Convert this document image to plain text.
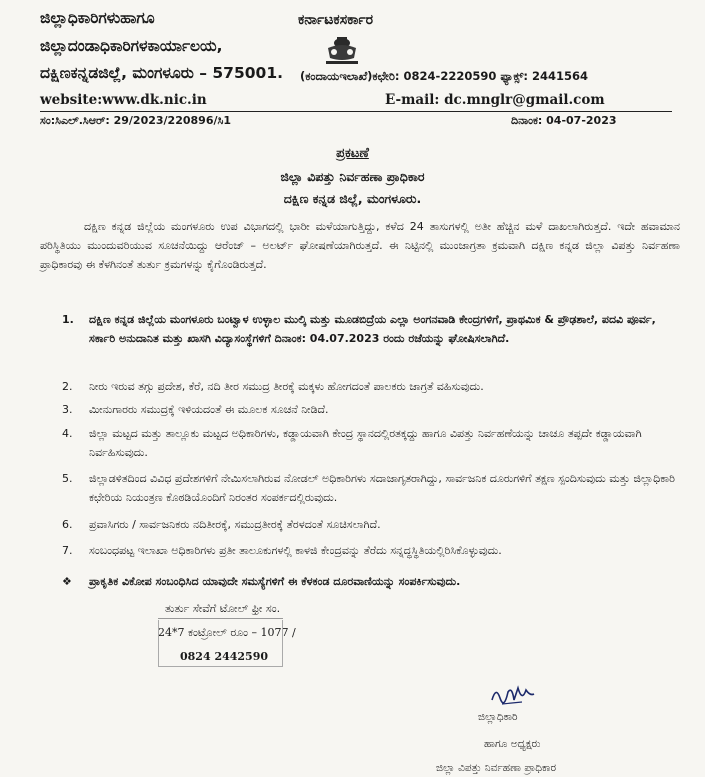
ಜಿಲ್ಲಾಧಿಕಾರಿಗಳುಹಾಗೂ
ಜಿಲ್ಲಾದಂಡಾಧಿಕಾರಿಗಳಕಾರ್ಯಾಲಯ,
ದಕ್ಷಿಣಕನ್ನಡಜಿಲ್ಲೆ, ಮಂಗಳೂರು – 575001.
website:www.dk.nic.in
ಕರ್ನಾಟಕಸರ್ಕಾರ
(ಕಂದಾಯಇಲಾಖೆ)ಕಛೇರಿ: 0824-2220590 ಫ್ಯಾಕ್ಸ್: 2441564
E-mail: dc.mnglr@gmail.com
ಸಂ:ಸಿಎಲ್.ಸಿಆರ್: 29/2023/220896/ಸಿ1	ದಿನಾಂಕ: 04-07-2023
ಪ್ರಕಟಣೆ
ಜಿಲ್ಲಾ ವಿಪತ್ತು ನಿರ್ವಹಣಾ ಪ್ರಾಧಿಕಾರ
ದಕ್ಷಿಣ ಕನ್ನಡ ಜಿಲ್ಲೆ, ಮಂಗಳೂರು.
ದಕ್ಷಿಣ ಕನ್ನಡ ಜಿಲ್ಲೆಯ ಮಂಗಳೂರು ಉಪ ವಿಭಾಗದಲ್ಲಿ ಭಾರೀ ಮಳೆಯಾಗುತ್ತಿದ್ದು, ಕಳೆದ 24 ತಾಸುಗಳಲ್ಲಿ ಅತೀ ಹೆಚ್ಚಿನ ಮಳೆ ದಾಖಲಾಗಿರುತ್ತದೆ. ಇದೇ ಹವಾಮಾನ ಪರಿಸ್ಥಿತಿಯು ಮುಂದುವರಿಯುವ ಸೂಚನೆಯಿದ್ದು ಆರೆಂಜ್ – ಅಲರ್ಟ್ ಘೋಷಣೆಯಾಗಿರುತ್ತದೆ. ಈ ನಿಟ್ಟಿನಲ್ಲಿ ಮುಂಜಾಗ್ರತಾ ಕ್ರಮವಾಗಿ ದಕ್ಷಿಣ ಕನ್ನಡ ಜಿಲ್ಲಾ ವಿಪತ್ತು ನಿರ್ವಹಣಾ ಪ್ರಾಧಿಕಾರವು ಈ ಕೆಳಗಿನಂತೆ ತುರ್ತು ಕ್ರಮಗಳನ್ನು ಕೈಗೊಂಡಿರುತ್ತದೆ.
1.	ದಕ್ಷಿಣ ಕನ್ನಡ ಜಿಲ್ಲೆಯ ಮಂಗಳೂರು ಬಂಟ್ವಾಳ ಉಳ್ಳಾಲ ಮುಲ್ಕಿ ಮತ್ತು ಮೂಡಬಿದ್ರೆಯ ಎಲ್ಲಾ ಅಂಗನವಾಡಿ ಕೇಂದ್ರಗಳಿಗೆ, ಪ್ರಾಥಮಿಕ & ಪ್ರೌಢಶಾಲೆ, ಪದವಿ ಪೂರ್ವ, ಸರ್ಕಾರಿ ಅನುದಾನಿತ ಮತ್ತು ಖಾಸಗಿ ವಿದ್ಯಾಸಂಸ್ಥೆಗಳಿಗೆ ದಿನಾಂಕ: 04.07.2023 ರಂದು ರಜೆಯನ್ನು ಘೋಷಿಸಲಾಗಿದೆ.
2.	ನೀರು ಇರುವ ತಗ್ಗು ಪ್ರದೇಶ, ಕೆರೆ, ನದಿ ತೀರ ಸಮುದ್ರ ತೀರಕ್ಕೆ ಮಕ್ಕಳು ಹೋಗದಂತೆ ಪಾಲಕರು ಜಾಗ್ರತೆ ವಹಿಸುವುದು.
3.	ಮೀನುಗಾರರು ಸಮುದ್ರಕ್ಕೆ ಇಳಿಯದಂತೆ ಈ ಮೂಲಕ ಸೂಚನೆ ನೀಡಿದೆ.
4.	ಜಿಲ್ಲಾ ಮಟ್ಟದ ಮತ್ತು ತಾಲ್ಲೂಕು ಮಟ್ಟದ ಅಧಿಕಾರಿಗಳು, ಕಡ್ಡಾಯವಾಗಿ ಕೇಂದ್ರ ಸ್ಥಾನದಲ್ಲಿರತಕ್ಕದ್ದು ಹಾಗೂ ವಿಪತ್ತು ನಿರ್ವಹಣೆಯನ್ನು ಚಾಚೂ ತಪ್ಪದೇ ಕಡ್ಡಾಯವಾಗಿ ನಿರ್ವಹಿಸುವುದು.
5.	ಜಿಲ್ಲಾಡಳಿತದಿಂದ ವಿವಿಧ ಪ್ರದೇಶಗಳಿಗೆ ನೇಮಿಸಲಾಗಿರುವ ನೋಡಲ್ ಅಧಿಕಾರಿಗಳು ಸದಾಜಾಗೃತರಾಗಿದ್ದು, ಸಾರ್ವಜನಿಕ ದೂರುಗಳಿಗೆ ತಕ್ಷಣ ಸ್ಪಂದಿಸುವುದು ಮತ್ತು ಜಿಲ್ಲಾಧಿಕಾರಿ ಕಛೇರಿಯ ನಿಯಂತ್ರಣ ಕೊಠಡಿಯೊಂದಿಗೆ ನಿರಂತರ ಸಂಪರ್ಕದಲ್ಲಿರುವುದು.
6.	ಪ್ರವಾಸಿಗರು / ಸಾರ್ವಜನಿಕರು ನದಿತೀರಕ್ಕೆ, ಸಮುದ್ರತೀರಕ್ಕೆ ತೆರಳದಂತೆ ಸೂಚಿಸಲಾಗಿದೆ.
7.	ಸಂಬಂಧಪಟ್ಟ ಇಲಾಖಾ ಅಧಿಕಾರಿಗಳು ಪ್ರತೀ ತಾಲೂಕುಗಳಲ್ಲಿ ಕಾಳಜಿ ಕೇಂದ್ರವನ್ನು ತೆರೆದು ಸನ್ನದ್ಧಸ್ಥಿತಿಯಲ್ಲಿರಿಸಿಕೊಳ್ಳುವುದು.
❖ ಪ್ರಾಕೃತಿಕ ವಿಕೋಪ ಸಂಬಂಧಿಸಿದ ಯಾವುದೇ ಸಮಸ್ಯೆಗಳಿಗೆ ಈ ಕೆಳಕಂಡ ದೂರವಾಣಿಯನ್ನು ಸಂಪರ್ಕಿಸುವುದು.
ತುರ್ತು ಸೇವೆಗೆ ಟೋಲ್ ಫ್ರೀ ಸಂ.
24*7 ಕಂಟ್ರೋಲ್ ರೂಂ – 1077 /
0824 2442590
ಜಿಲ್ಲಾಧಿಕಾರಿ
ಹಾಗೂ ಅಧ್ಯಕ್ಷರು
ಜಿಲ್ಲಾ ವಿಪತ್ತು ನಿರ್ವಹಣಾ ಪ್ರಾಧಿಕಾರ
